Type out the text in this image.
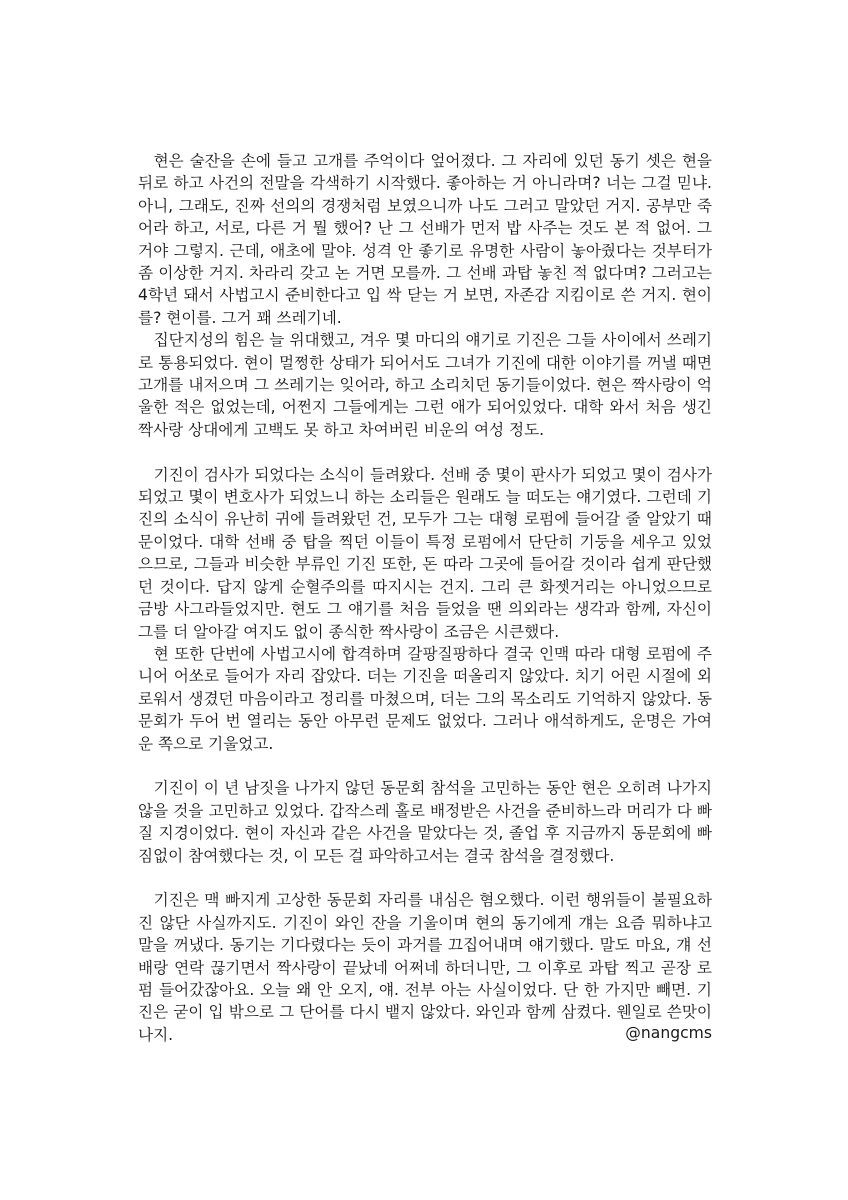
현은 술잔을 손에 들고 고개를 주억이다 엎어졌다. 그 자리에 있던 동기 셋은 현을 뒤로 하고 사건의 전말을 각색하기 시작했다. 좋아하는 거 아니라며? 너는 그걸 믿냐. 아니, 그래도, 진짜 선의의 경쟁처럼 보였으니까 나도 그러고 말았던 거지. 공부만 죽어라 하고, 서로, 다른 거 뭘 했어? 난 그 선배가 먼저 밥 사주는 것도 본 적 없어. 그거야 그렇지. 근데, 애초에 말야. 성격 안 좋기로 유명한 사람이 놓아줬다는 것부터가 좀 이상한 거지. 차라리 갖고 논 거면 모를까. 그 선배 과탑 놓친 적 없다며? 그러고는 4학년 돼서 사법고시 준비한다고 입 싹 닫는 거 보면, 자존감 지킴이로 쓴 거지. 현이를? 현이를. 그거 꽤 쓰레기네.

집단지성의 힘은 늘 위대했고, 겨우 몇 마디의 얘기로 기진은 그들 사이에서 쓰레기로 통용되었다. 현이 멀쩡한 상태가 되어서도 그녀가 기진에 대한 이야기를 꺼낼 때면 고개를 내저으며 그 쓰레기는 잊어라, 하고 소리치던 동기들이었다. 현은 짝사랑이 억울한 적은 없었는데, 어쩐지 그들에게는 그런 애가 되어있었다. 대학 와서 처음 생긴 짝사랑 상대에게 고백도 못 하고 차여버린 비운의 여성 정도.

기진이 검사가 되었다는 소식이 들려왔다. 선배 중 몇이 판사가 되었고 몇이 검사가 되었고 몇이 변호사가 되었느니 하는 소리들은 원래도 늘 떠도는 얘기였다. 그런데 기진의 소식이 유난히 귀에 들려왔던 건, 모두가 그는 대형 로펌에 들어갈 줄 알았기 때문이었다. 대학 선배 중 탑을 찍던 이들이 특정 로펌에서 단단히 기둥을 세우고 있었으므로, 그들과 비슷한 부류인 기진 또한, 돈 따라 그곳에 들어갈 것이라 쉽게 판단했던 것이다. 답지 않게 순혈주의를 따지시는 건지. 그리 큰 화젯거리는 아니었으므로 금방 사그라들었지만. 현도 그 얘기를 처음 들었을 땐 의외라는 생각과 함께, 자신이 그를 더 알아갈 여지도 없이 종식한 짝사랑이 조금은 시큰했다.

현 또한 단번에 사법고시에 합격하며 갈팡질팡하다 결국 인맥 따라 대형 로펌에 주니어 어쏘로 들어가 자리 잡았다. 더는 기진을 떠올리지 않았다. 치기 어린 시절에 외로워서 생겼던 마음이라고 정리를 마쳤으며, 더는 그의 목소리도 기억하지 않았다. 동문회가 두어 번 열리는 동안 아무런 문제도 없었다. 그러나 애석하게도, 운명은 가여운 쪽으로 기울었고.

기진이 이 년 남짓을 나가지 않던 동문회 참석을 고민하는 동안 현은 오히려 나가지 않을 것을 고민하고 있었다. 갑작스레 홀로 배정받은 사건을 준비하느라 머리가 다 빠질 지경이었다. 현이 자신과 같은 사건을 맡았다는 것, 졸업 후 지금까지 동문회에 빠짐없이 참여했다는 것, 이 모든 걸 파악하고서는 결국 참석을 결정했다.

기진은 맥 빠지게 고상한 동문회 자리를 내심은 혐오했다. 이런 행위들이 불필요하진 않단 사실까지도. 기진이 와인 잔을 기울이며 현의 동기에게 걔는 요즘 뭐하냐고 말을 꺼냈다. 동기는 기다렸다는 듯이 과거를 끄집어내며 얘기했다. 말도 마요, 걔 선배랑 연락 끊기면서 짝사랑이 끝났네 어쩌네 하더니만, 그 이후로 과탑 찍고 곧장 로펌 들어갔잖아요. 오늘 왜 안 오지, 얘. 전부 아는 사실이었다. 단 한 가지만 빼면. 기진은 굳이 입 밖으로 그 단어를 다시 뱉지 않았다. 와인과 함께 삼켰다. 웬일로 쓴맛이 나지.	@nangcms
